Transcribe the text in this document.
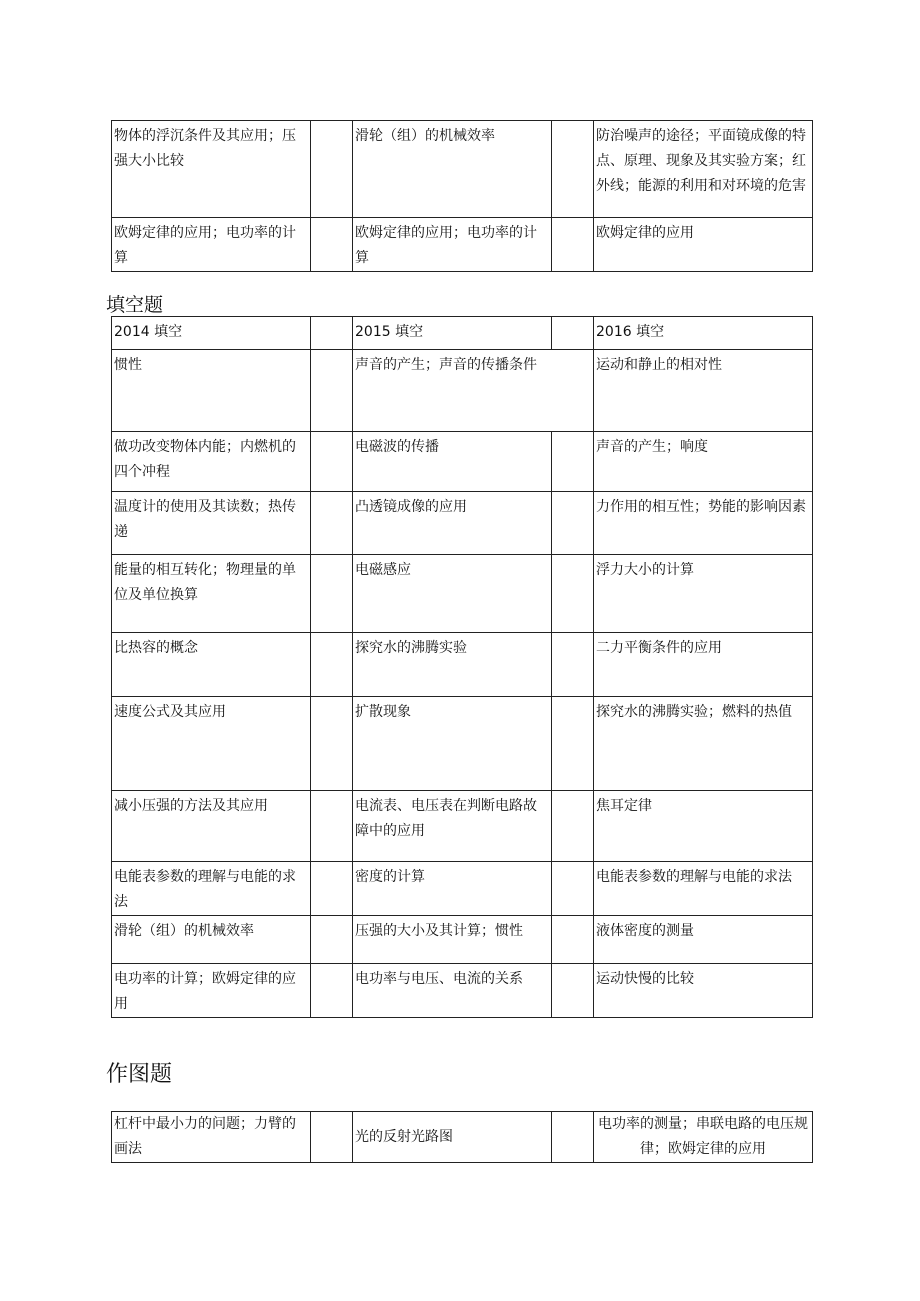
物体的浮沉条件及其应用；压强大小比较		滑轮（组）的机械效率		防治噪声的途径；平面镜成像的特点、原理、现象及其实验方案；红外线；能源的利用和对环境的危害
欧姆定律的应用；电功率的计算		欧姆定律的应用；电功率的计算		欧姆定律的应用
填空题
2014 填空		2015 填空		2016 填空
惯性		声音的产生；声音的传播条件		运动和静止的相对性
做功改变物体内能；内燃机的四个冲程		电磁波的传播		声音的产生；响度
温度计的使用及其读数；热传递		凸透镜成像的应用		力作用的相互性；势能的影响因素
能量的相互转化；物理量的单位及单位换算		电磁感应		浮力大小的计算
比热容的概念		探究水的沸腾实验		二力平衡条件的应用
速度公式及其应用		扩散现象		探究水的沸腾实验；燃料的热值
减小压强的方法及其应用		电流表、电压表在判断电路故障中的应用		焦耳定律
电能表参数的理解与电能的求法		密度的计算		电能表参数的理解与电能的求法
滑轮（组）的机械效率		压强的大小及其计算；惯性		液体密度的测量
电功率的计算；欧姆定律的应用		电功率与电压、电流的关系		运动快慢的比较
作图题
杠杆中最小力的问题；力臂的画法		光的反射光路图		电功率的测量；串联电路的电压规律；欧姆定律的应用
